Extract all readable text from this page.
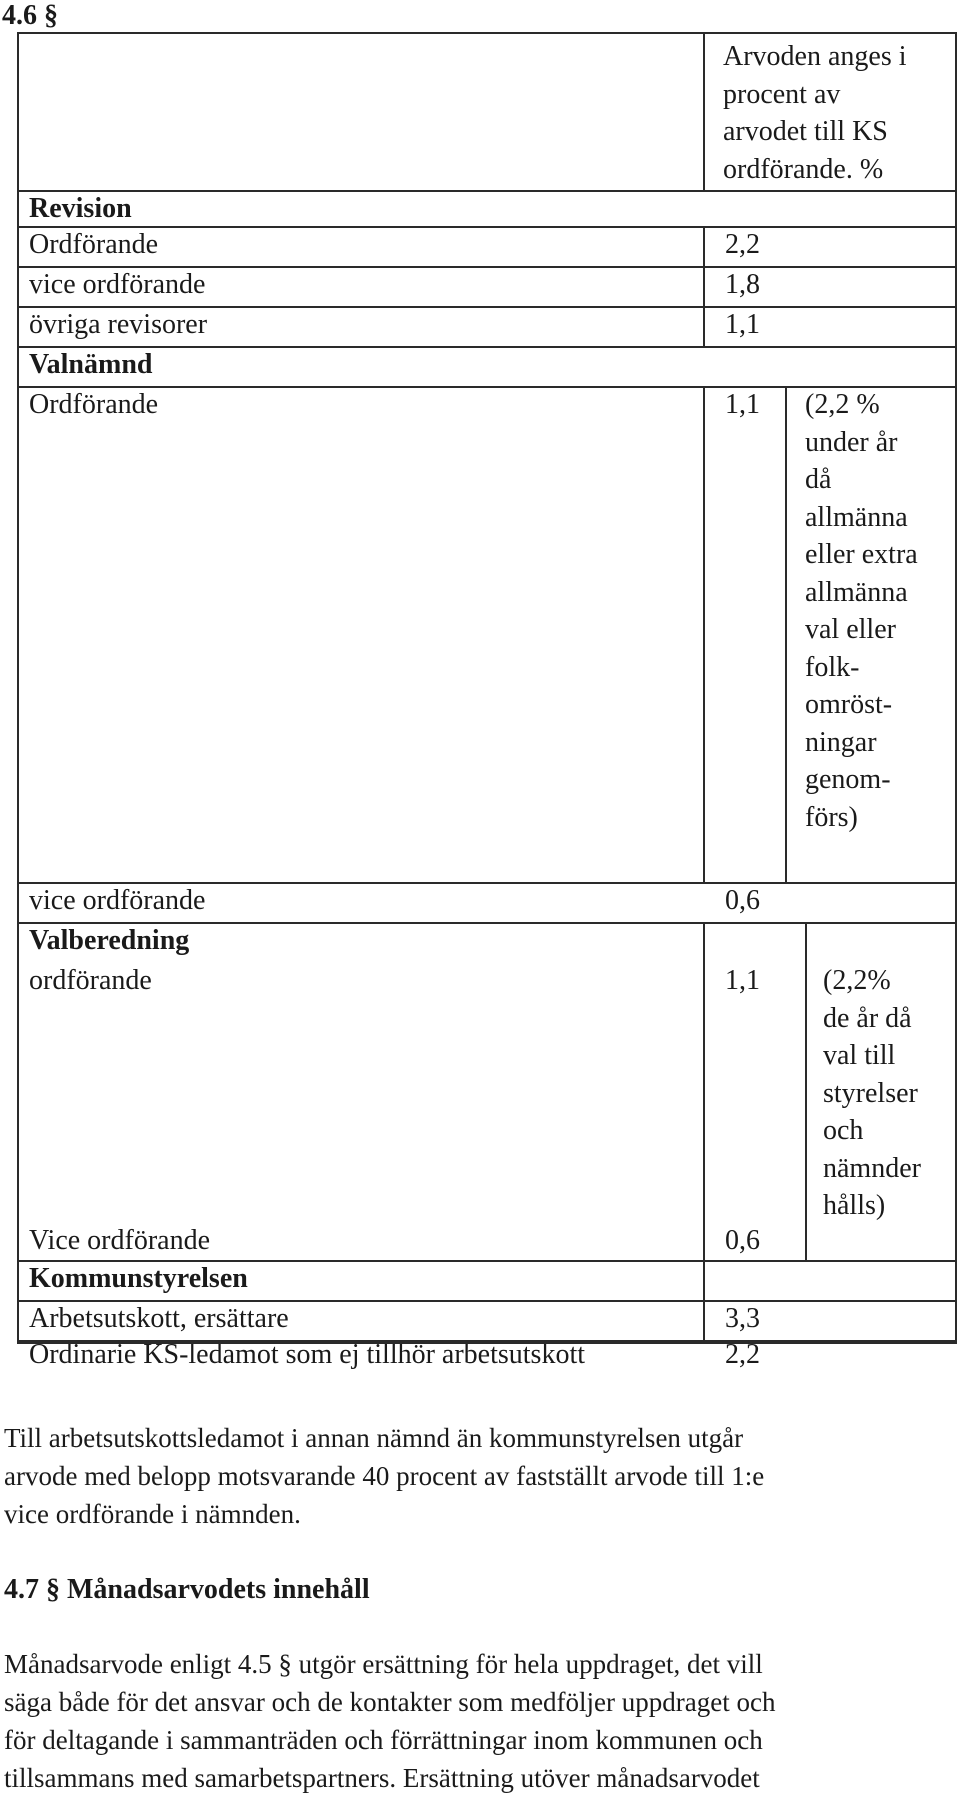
4.6 §
Arvoden anges i
procent av
arvodet till KS
ordförande. %
Revision
Ordförande	2,2
vice ordförande	1,8
övriga revisorer	1,1
Valnämnd
Ordförande	1,1 (2,2 %
under år
då
allmänna
eller extra
allmänna
val eller
folk-
omröst-
ningar
genom-
förs)
vice ordförande	0,6
Valberedning
ordförande	1,1 (2,2%
de år då
val till
styrelser
och
nämnder
hålls)
Vice ordförande	0,6
Kommunstyrelsen
Arbetsutskott, ersättare	3,3
Ordinarie KS-ledamot som ej tillhör arbetsutskott	2,2
Till arbetsutskottsledamot i annan nämnd än kommunstyrelsen utgår
arvode med belopp motsvarande 40 procent av fastställt arvode till 1:e
vice ordförande i nämnden.
4.7 § Månadsarvodets innehåll
Månadsarvode enligt 4.5 § utgör ersättning för hela uppdraget, det vill
säga både för det ansvar och de kontakter som medföljer uppdraget och
för deltagande i sammanträden och förrättningar inom kommunen och
tillsammans med samarbetspartners. Ersättning utöver månadsarvodet
